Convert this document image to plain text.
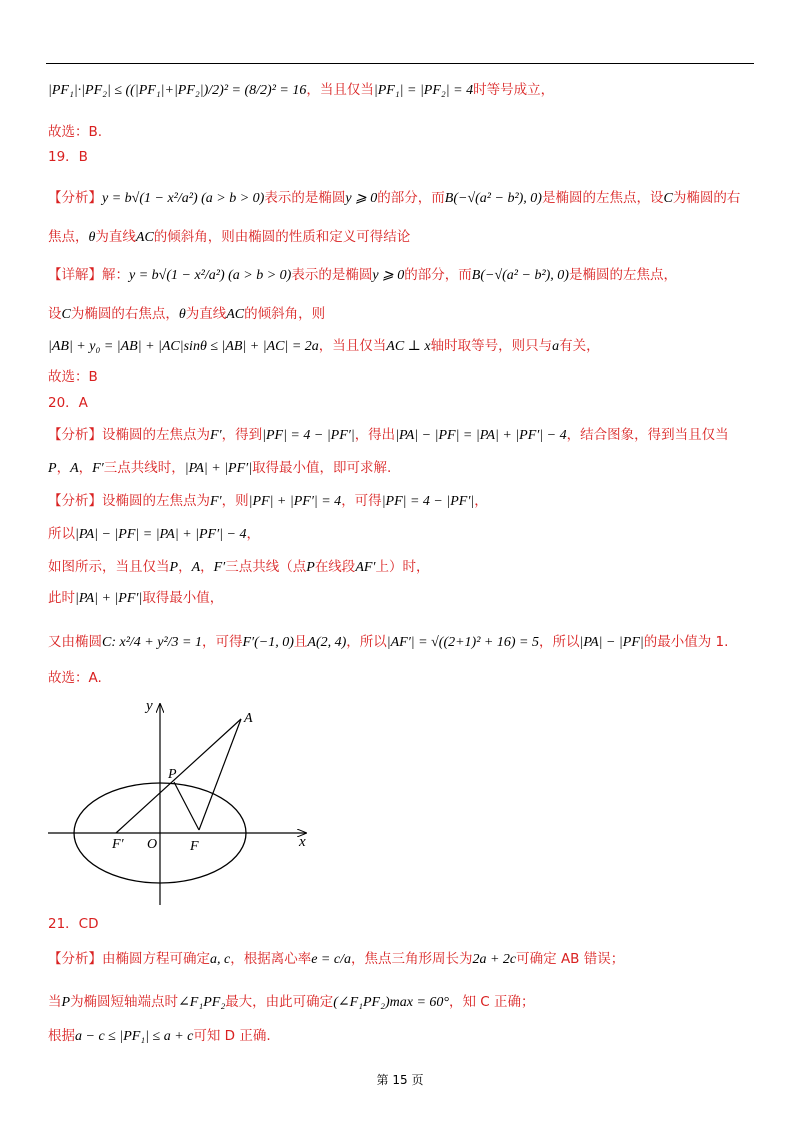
|PF₁|·|PF₂| ≤ ((|PF₁|+|PF₂|)/2)² = (8/2)² = 16，当且仅当|PF₁| = |PF₂| = 4时等号成立，
故选：B.
19．B
【分析】y = b√(1 − x²/a²) (a > b > 0)表示的是椭圆y ⩾ 0的部分，而B(−√(a² − b²), 0)是椭圆的左焦点，设C为椭圆的右
焦点，θ为直线AC的倾斜角，则由椭圆的性质和定义可得结论
【详解】解：y = b√(1 − x²/a²) (a > b > 0)表示的是椭圆y ⩾ 0的部分，而B(−√(a² − b²), 0)是椭圆的左焦点，
设C为椭圆的右焦点，θ为直线AC的倾斜角，则
|AB| + y₀ = |AB| + |AC|sinθ ≤ |AB| + |AC| = 2a，当且仅当AC ⊥ x轴时取等号，则只与a有关，
故选：B
20．A
【分析】设椭圆的左焦点为F′，得到|PF| = 4 − |PF′|，得出|PA| − |PF| = |PA| + |PF′| − 4，结合图象，得到当且仅当
P，A，F′三点共线时，|PA| + |PF′|取得最小值，即可求解.
【分析】设椭圆的左焦点为F′，则|PF| + |PF′| = 4，可得|PF| = 4 − |PF′|，
所以|PA| − |PF| = |PA| + |PF′| − 4，
如图所示，当且仅当P，A，F′三点共线（点P在线段AF′上）时，
此时|PA| + |PF′|取得最小值，
又由椭圆C: x²/4 + y²/3 = 1，可得F′(−1, 0)且A(2, 4)，所以|AF′| = √((2+1)² + 16) = 5，所以|PA| − |PF|的最小值为 1.
故选：A.
y
x
A
P
O F
F′
21．CD
【分析】由椭圆方程可确定a, c，根据离心率e = c/a，焦点三角形周长为2a + 2c可确定 AB 错误；
当P为椭圆短轴端点时∠F₁PF₂最大，由此可确定(∠F₁PF₂)max = 60°，知 C 正确；
根据a − c ≤ |PF₁| ≤ a + c可知 D 正确.
第 15 页
